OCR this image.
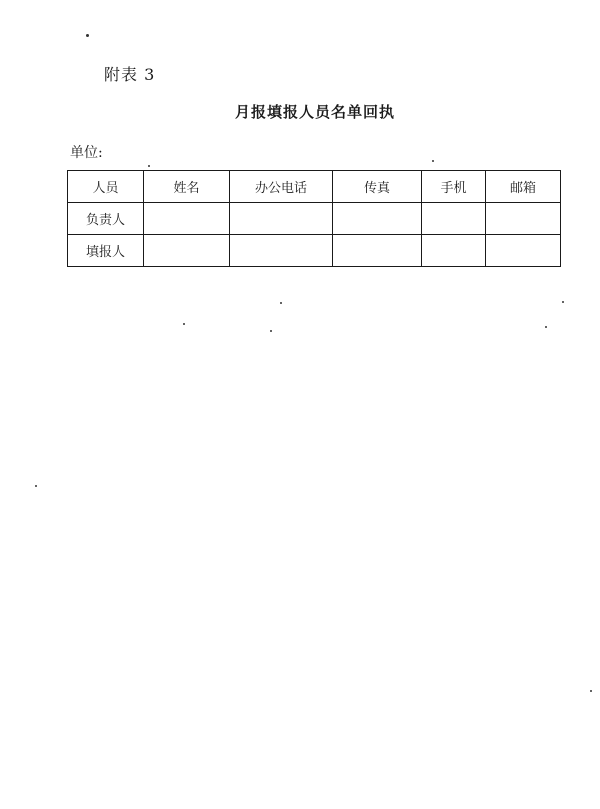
附表 3
月报填报人员名单回执
单位:
人员	姓名	办公电话	传真	手机	邮箱
负责人					
填报人					
